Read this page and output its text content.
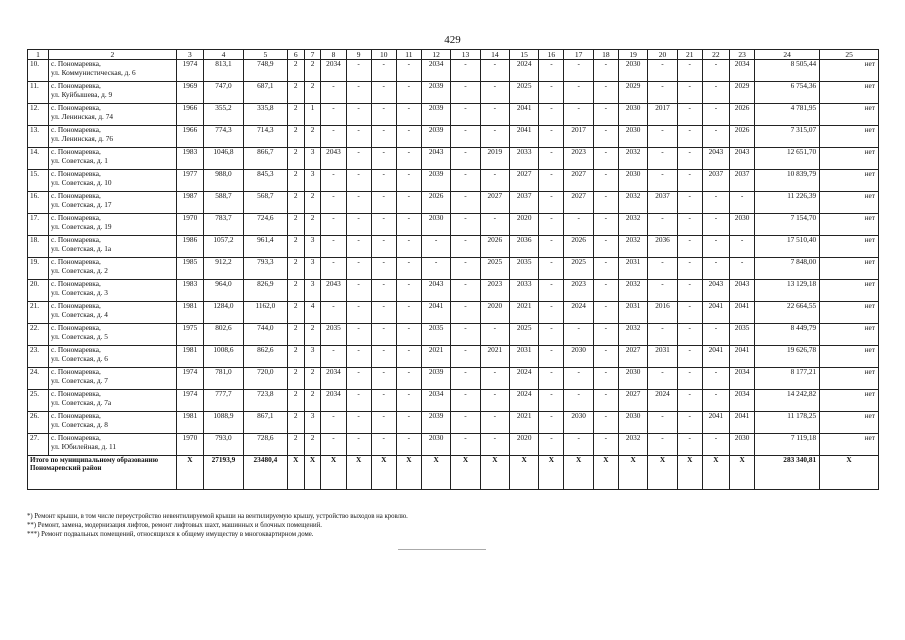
429
1	2	3	4	5	6	7	8	9	10	11	12	13	14	15	16	17	18	19	20	21	22	23	24	25
10.	с. Пономаревка,
ул. Коммунистическая, д. 6	1974	813,1	748,9	2	2	2034	-	-	-	2034	-	-	2024	-	-	-	2030	-	-	-	2034	8 505,44	нет
11.	с. Пономаревка,
ул. Куйбышева, д. 9	1969	747,0	687,1	2	2	-	-	-	-	2039	-	-	2025	-	-	-	2029	-	-	-	2029	6 754,36	нет
12.	с. Пономаревка,
ул. Ленинская, д. 74	1966	355,2	335,8	2	1	-	-	-	-	2039	-	-	2041	-	-	-	2030	2017	-	-	2026	4 781,95	нет
13.	с. Пономаревка,
ул. Ленинская, д. 76	1966	774,3	714,3	2	2	-	-	-	-	2039	-	-	2041	-	2017	-	2030	-	-	-	2026	7 315,07	нет
14.	с. Пономаревка,
ул. Советская, д. 1	1983	1046,8	866,7	2	3	2043	-	-	-	2043	-	2019	2033	-	2023	-	2032	-	-	2043	2043	12 651,70	нет
15.	с. Пономаревка,
ул. Советская, д. 10	1977	988,0	845,3	2	3	-	-	-	-	2039	-	-	2027	-	2027	-	2030	-	-	2037	2037	10 839,79	нет
16.	с. Пономаревка,
ул. Советская, д. 17	1987	588,7	568,7	2	2	-	-	-	-	2026	-	2027	2037	-	2027	-	2032	2037	-	-	-	11 226,39	нет
17.	с. Пономаревка,
ул. Советская, д. 19	1970	783,7	724,6	2	2	-	-	-	-	2030	-	-	2020	-	-	-	2032	-	-	-	2030	7 154,70	нет
18.	с. Пономаревка,
ул. Советская, д. 1а	1986	1057,2	961,4	2	3	-	-	-	-	-	-	2026	2036	-	2026	-	2032	2036	-	-	-	17 510,40	нет
19.	с. Пономаревка,
ул. Советская, д. 2	1985	912,2	793,3	2	3	-	-	-	-	-	-	2025	2035	-	2025	-	2031	-	-	-	-	7 848,00	нет
20.	с. Пономаревка,
ул. Советская, д. 3	1983	964,0	826,9	2	3	2043	-	-	-	2043	-	2023	2033	-	2023	-	2032	-	-	2043	2043	13 129,18	нет
21.	с. Пономаревка,
ул. Советская, д. 4	1981	1284,0	1162,0	2	4	-	-	-	-	2041	-	2020	2021	-	2024	-	2031	2016	-	2041	2041	22 664,55	нет
22.	с. Пономаревка,
ул. Советская, д. 5	1975	802,6	744,0	2	2	2035	-	-	-	2035	-	-	2025	-	-	-	2032	-	-	-	2035	8 449,79	нет
23.	с. Пономаревка,
ул. Советская, д. 6	1981	1008,6	862,6	2	3	-	-	-	-	2021	-	2021	2031	-	2030	-	2027	2031	-	2041	2041	19 626,78	нет
24.	с. Пономаревка,
ул. Советская, д. 7	1974	781,0	720,0	2	2	2034	-	-	-	2039	-	-	2024	-	-	-	2030	-	-	-	2034	8 177,21	нет
25.	с. Пономаревка,
ул. Советская, д. 7а	1974	777,7	723,8	2	2	2034	-	-	-	2034	-	-	2024	-	-	-	2027	2024	-	-	2034	14 242,82	нет
26.	с. Пономаревка,
ул. Советская, д. 8	1981	1088,9	867,1	2	3	-	-	-	-	2039	-	-	2021	-	2030	-	2030	-	-	2041	2041	11 178,25	нет
27.	с. Пономаревка,
ул. Юбилейная, д. 11	1970	793,0	728,6	2	2	-	-	-	-	2030	-	-	2020	-	-	-	2032	-	-	-	2030	7 119,18	нет
Итого по муниципальному образованию Пономаревский район		X	27193,9	23480,4	X	X	X	X	X	X	X	X	X	X	X	X	X	X	X	X	X	X	283 340,81	X
*) Ремонт крыши, в том числе переустройство невентилируемой крыши на вентилируемую крышу, устройство выходов на кровлю.
**) Ремонт, замена, модернизация лифтов, ремонт лифтовых шахт, машинных и блочных помещений.
***) Ремонт подвальных помещений, относящихся к общему имуществу в многоквартирном доме.
